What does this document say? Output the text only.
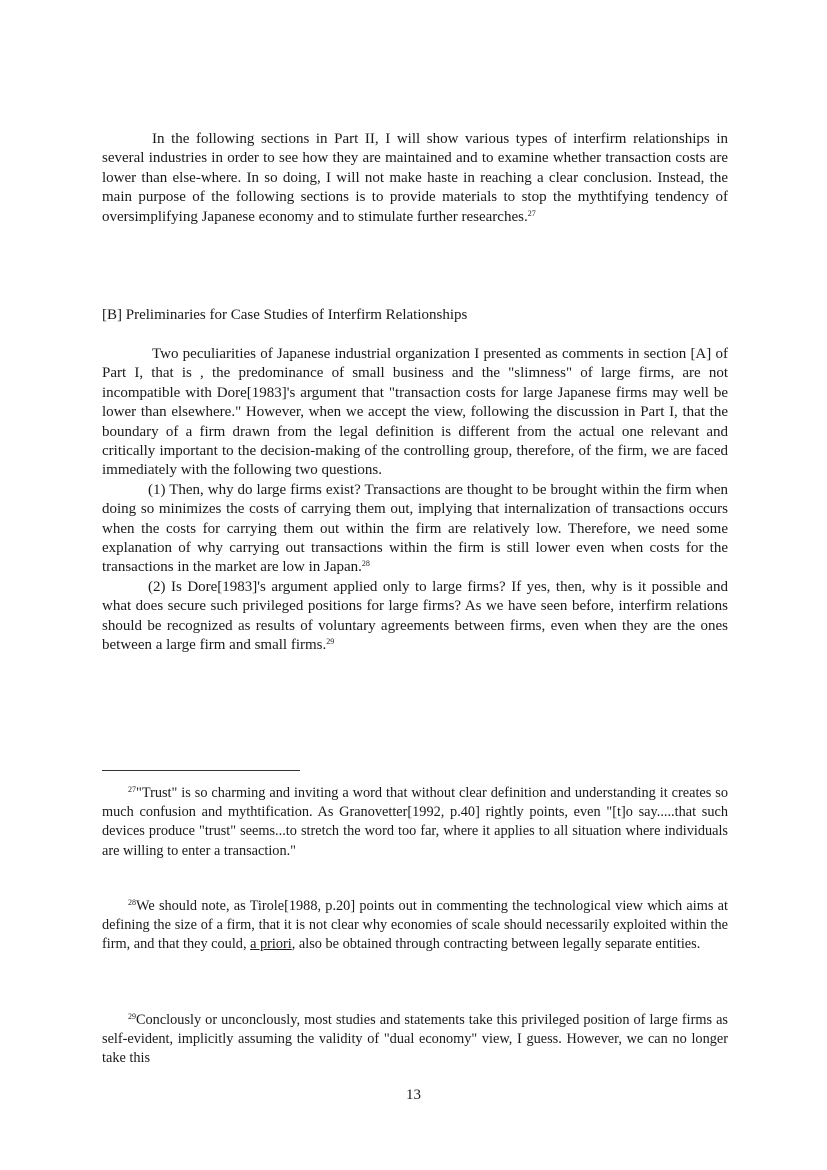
In the following sections in Part II, I will show various types of interfirm relationships in several industries in order to see how they are maintained and to examine whether transaction costs are lower than else-where. In so doing, I will not make haste in reaching a clear conclusion. Instead, the main purpose of the following sections is to provide materials to stop the mythtifying tendency of oversimplifying Japanese economy and to stimulate further researches.$^{27}$

[B] Preliminaries for Case Studies of Interfirm Relationships

Two peculiarities of Japanese industrial organization I presented as comments in section [A] of Part I, that is , the predominance of small business and the "slimness" of large firms, are not incompatible with Dore[1983]'s argument that "transaction costs for large Japanese firms may well be lower than elsewhere." However, when we accept the view, following the discussion in Part I, that the boundary of a firm drawn from the legal definition is different from the actual one relevant and critically important to the decision-making of the controlling group, therefore, of the firm, we are faced immediately with the following two questions.

(1) Then, why do large firms exist? Transactions are thought to be brought within the firm when doing so minimizes the costs of carrying them out, implying that internalization of transactions occurs when the costs for carrying them out within the firm are relatively low. Therefore, we need some explanation of why carrying out transactions within the firm is still lower even when costs for the transactions in the market are low in Japan.$^{28}$

(2) Is Dore[1983]'s argument applied only to large firms? If yes, then, why is it possible and what does secure such privileged positions for large firms? As we have seen before, interfirm relations should be recognized as results of voluntary agreements between firms, even when they are the ones between a large firm and small firms.$^{29}$

$^{27}$"Trust" is so charming and inviting a word that without clear definition and understanding it creates so much confusion and mythtification. As Granovetter[1992, p.40] rightly points, even "[t]o say.....that such devices produce "trust" seems...to stretch the word too far, where it applies to all situation where individuals are willing to enter a transaction."

$^{28}$We should note, as Tirole[1988, p.20] points out in commenting the technological view which aims at defining the size of a firm, that it is not clear why economies of scale should necessarily exploited within the firm, and that they could, a priori, also be obtained through contracting between legally separate entities.

$^{29}$Conclously or unconclously, most studies and statements take this privileged position of large firms as self-evident, implicitly assuming the validity of "dual economy" view, I guess. However, we can no longer take this

13
